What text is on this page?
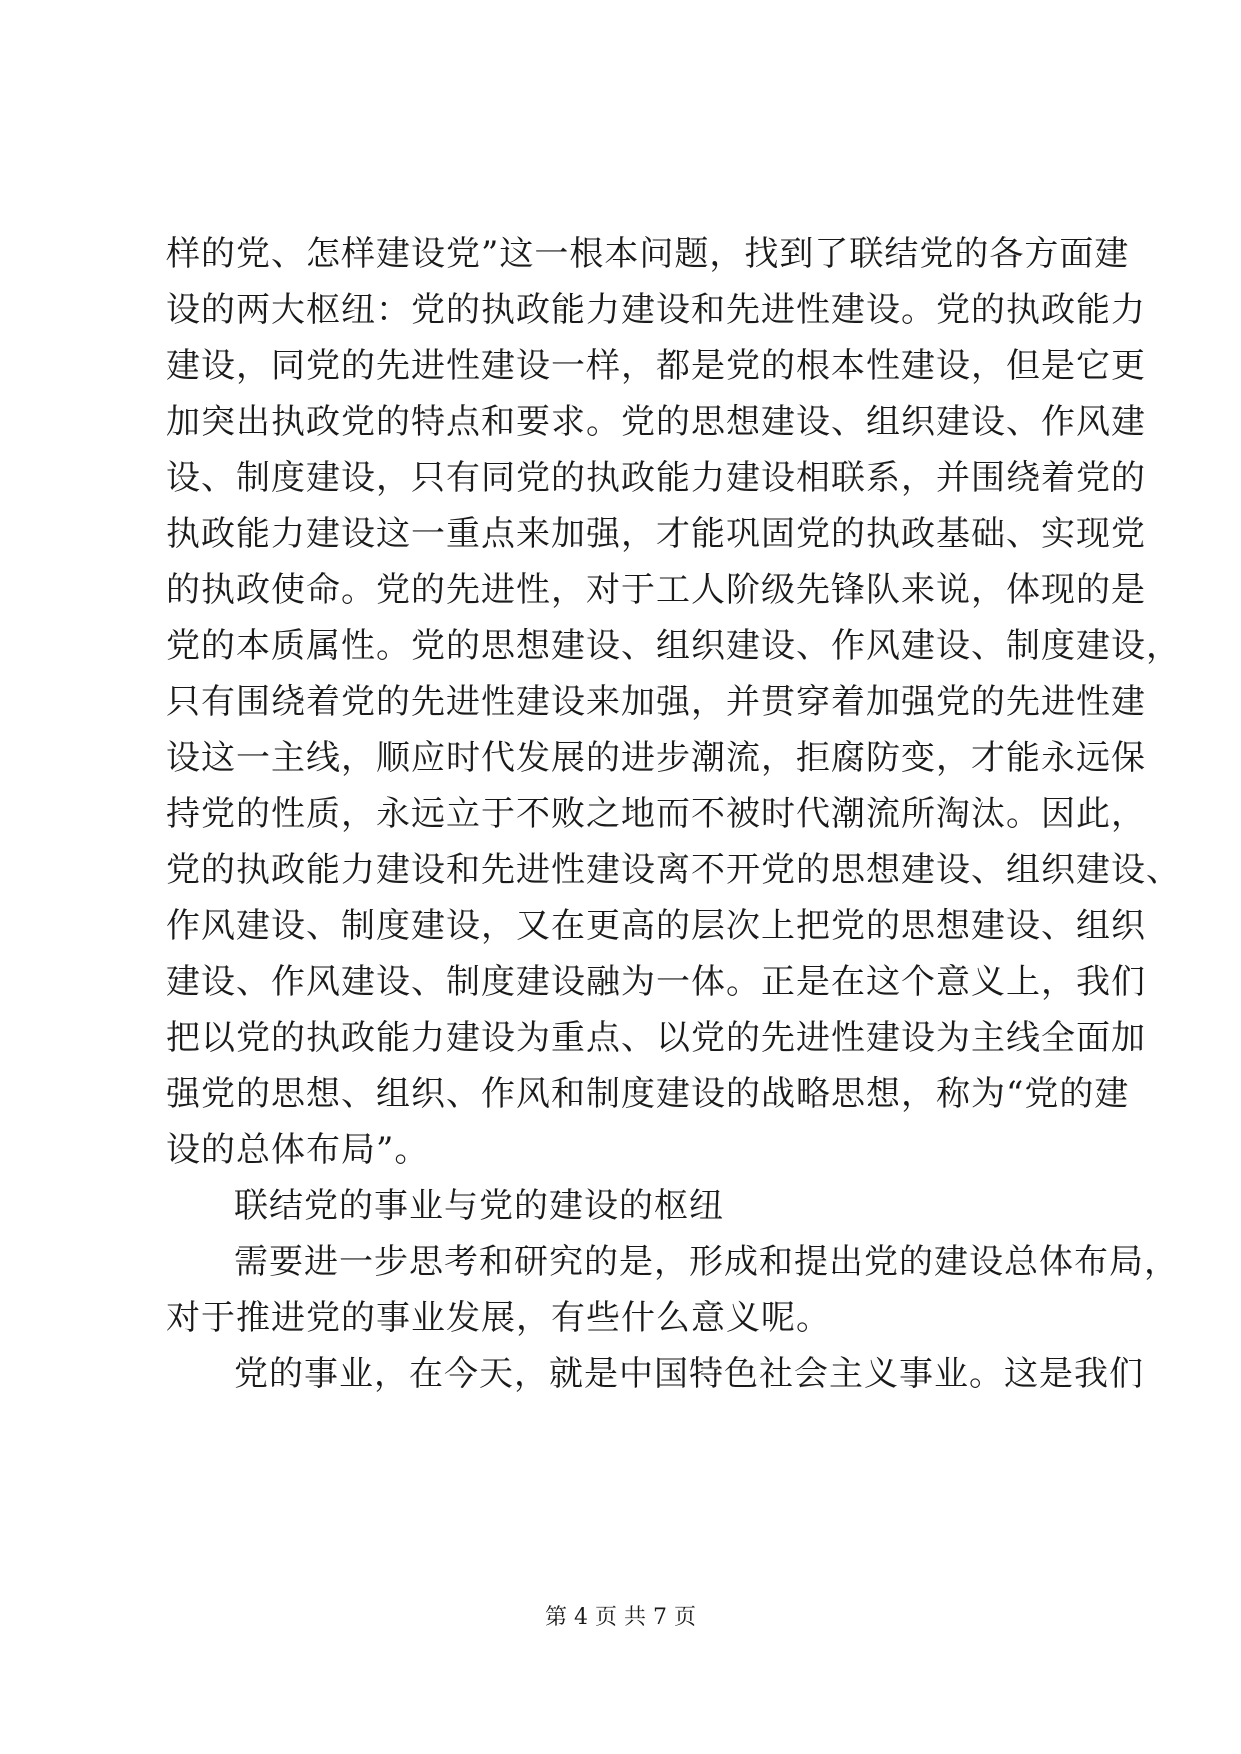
样的党、怎样建设党”这一根本问题，找到了联结党的各方面建
设的两大枢纽：党的执政能力建设和先进性建设。党的执政能力
建设，同党的先进性建设一样，都是党的根本性建设，但是它更
加突出执政党的特点和要求。党的思想建设、组织建设、作风建
设、制度建设，只有同党的执政能力建设相联系，并围绕着党的
执政能力建设这一重点来加强，才能巩固党的执政基础、实现党
的执政使命。党的先进性，对于工人阶级先锋队来说，体现的是
党的本质属性。党的思想建设、组织建设、作风建设、制度建设，
只有围绕着党的先进性建设来加强，并贯穿着加强党的先进性建
设这一主线，顺应时代发展的进步潮流，拒腐防变，才能永远保
持党的性质，永远立于不败之地而不被时代潮流所淘汰。因此，
党的执政能力建设和先进性建设离不开党的思想建设、组织建设、
作风建设、制度建设，又在更高的层次上把党的思想建设、组织
建设、作风建设、制度建设融为一体。正是在这个意义上，我们
把以党的执政能力建设为重点、以党的先进性建设为主线全面加
强党的思想、组织、作风和制度建设的战略思想，称为“党的建
设的总体布局”。
联结党的事业与党的建设的枢纽
需要进一步思考和研究的是，形成和提出党的建设总体布局，
对于推进党的事业发展，有些什么意义呢。
党的事业，在今天，就是中国特色社会主义事业。这是我们
第 4 页 共 7 页
